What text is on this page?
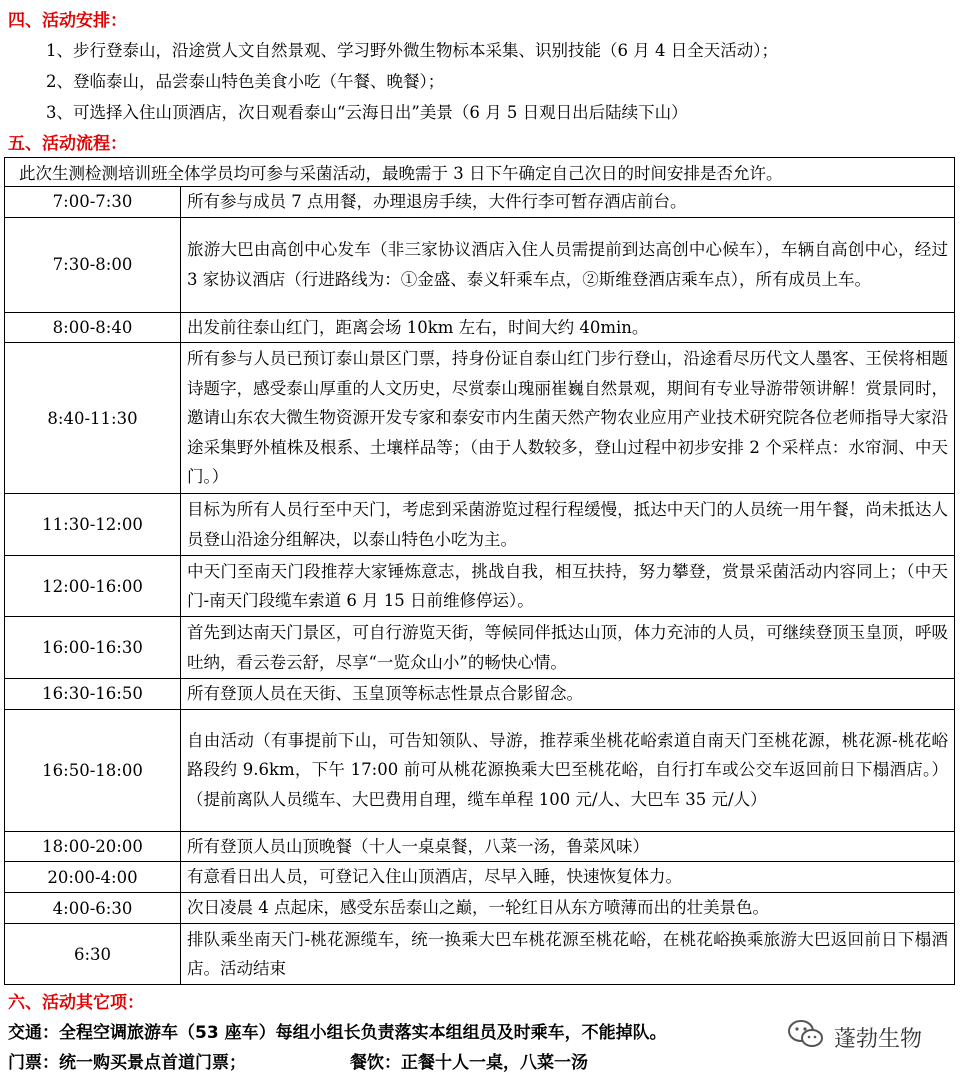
四、活动安排：
1、步行登泰山，沿途赏人文自然景观、学习野外微生物标本采集、识别技能（6 月 4 日全天活动）；
2、登临泰山，品尝泰山特色美食小吃（午餐、晚餐）；
3、可选择入住山顶酒店，次日观看泰山“云海日出”美景（6 月 5 日观日出后陆续下山）
五、活动流程：
此次生测检测培训班全体学员均可参与采菌活动，最晚需于 3 日下午确定自己次日的时间安排是否允许。	
7:00-7:30	所有参与成员 7 点用餐，办理退房手续，大件行李可暂存酒店前台。
7:30-8:00	旅游大巴由高创中心发车（非三家协议酒店入住人员需提前到达高创中心候车），车辆自高创中心，经过 3 家协议酒店（行进路线为：①金盛、泰义轩乘车点，②斯维登酒店乘车点），所有成员上车。
8:00-8:40	出发前往泰山红门，距离会场 10km 左右，时间大约 40min。
8:40-11:30	所有参与人员已预订泰山景区门票，持身份证自泰山红门步行登山，沿途看尽历代文人墨客、王侯将相题诗题字，感受泰山厚重的人文历史，尽赏泰山瑰丽崔巍自然景观，期间有专业导游带领讲解！赏景同时，邀请山东农大微生物资源开发专家和泰安市内生菌天然产物农业应用产业技术研究院各位老师指导大家沿途采集野外植株及根系、土壤样品等；（由于人数较多，登山过程中初步安排 2 个采样点：水帘洞、中天门。）
11:30-12:00	目标为所有人员行至中天门，考虑到采菌游览过程行程缓慢，抵达中天门的人员统一用午餐，尚未抵达人员登山沿途分组解决，以泰山特色小吃为主。
12:00-16:00	中天门至南天门段推荐大家锤炼意志，挑战自我，相互扶持，努力攀登，赏景采菌活动内容同上；（中天门-南天门段缆车索道 6 月 15 日前维修停运）。
16:00-16:30	首先到达南天门景区，可自行游览天街，等候同伴抵达山顶，体力充沛的人员，可继续登顶玉皇顶，呼吸吐纳，看云卷云舒，尽享“一览众山小”的畅快心情。
16:30-16:50	所有登顶人员在天街、玉皇顶等标志性景点合影留念。
16:50-18:00	自由活动（有事提前下山，可告知领队、导游，推荐乘坐桃花峪索道自南天门至桃花源，桃花源-桃花峪路段约 9.6km，下午 17:00 前可从桃花源换乘大巴至桃花峪，自行打车或公交车返回前日下榻酒店。）（提前离队人员缆车、大巴费用自理，缆车单程 100 元/人、大巴车 35 元/人）
18:00-20:00	所有登顶人员山顶晚餐（十人一桌桌餐，八菜一汤，鲁菜风味）
20:00-4:00	有意看日出人员，可登记入住山顶酒店，尽早入睡，快速恢复体力。
4:00-6:30	次日凌晨 4 点起床，感受东岳泰山之巅，一轮红日从东方喷薄而出的壮美景色。
6:30	排队乘坐南天门-桃花源缆车，统一换乘大巴车桃花源至桃花峪，在桃花峪换乘旅游大巴返回前日下榻酒店。活动结束
六、活动其它项：
交通：全程空调旅游车（53 座车）每组小组长负责落实本组组员及时乘车，不能掉队。
门票：统一购买景点首道门票；	餐饮：正餐十人一桌，八菜一汤
蓬勃生物
